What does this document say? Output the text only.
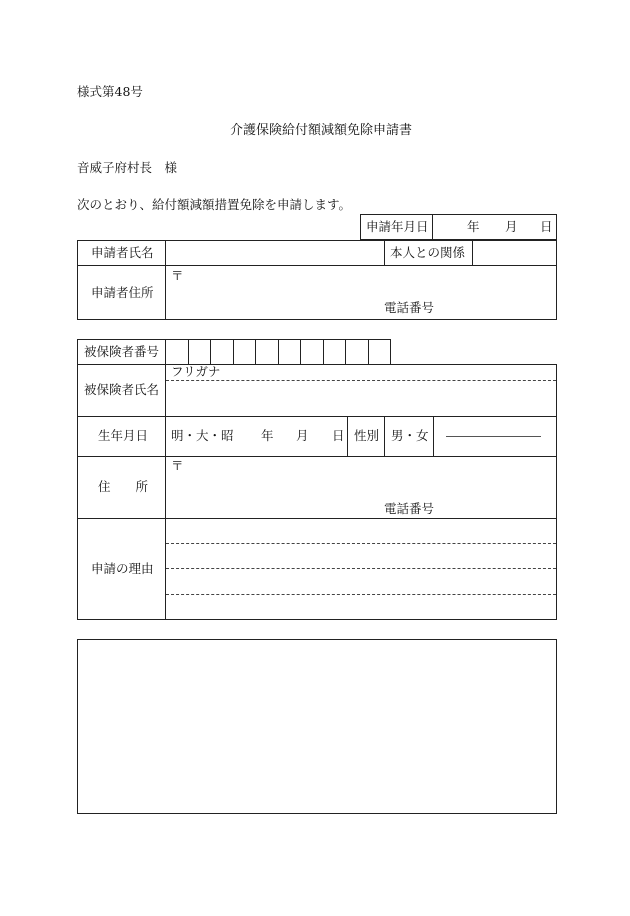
様式第48号
介護保険給付額減額免除申請書
音威子府村長　様
次のとおり、給付額減額措置免除を申請します。
申請年月日	年 月 日
申請者氏名	本人との関係
申請者住所
〒
電話番号
被保険者番号
被保険者氏名
フリガナ
生年月日 明・大・昭 年 月 日 性別 男・女
住　　所
〒
電話番号
申請の理由
